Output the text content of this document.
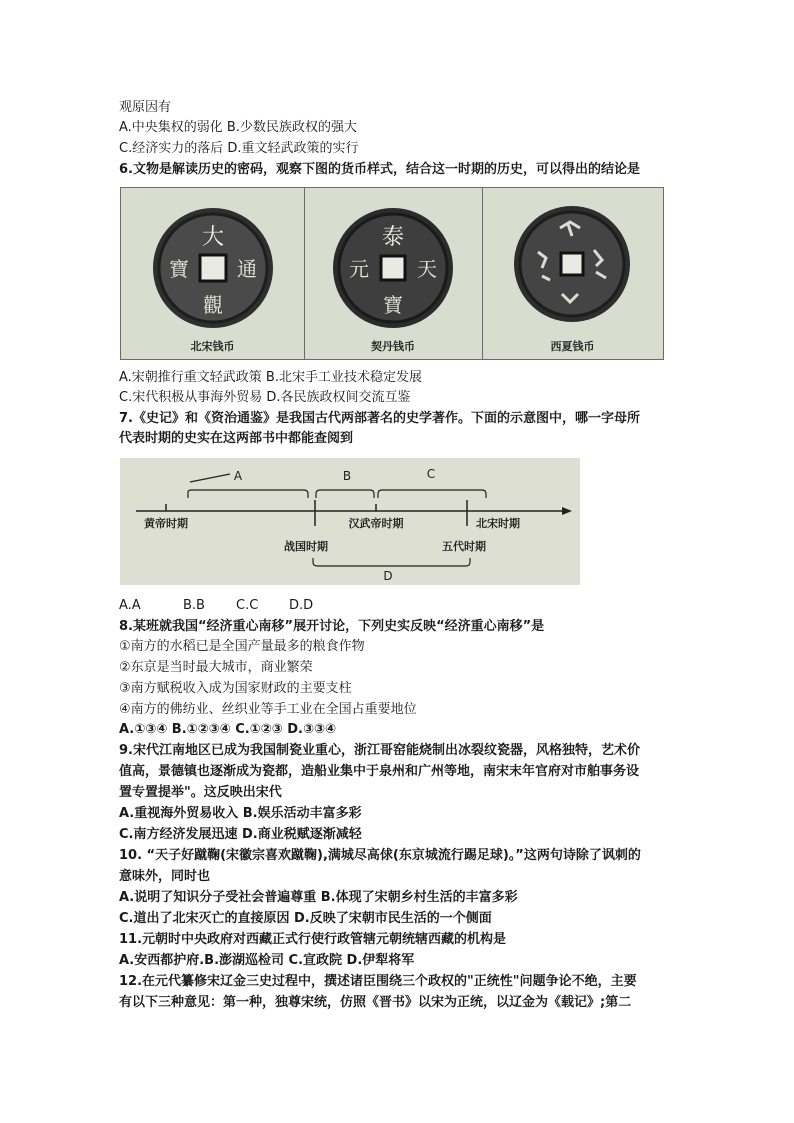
观原因有
A.中央集权的弱化 B.少数民族政权的强大
C.经济实力的落后 D.重文轻武政策的实行
6.文物是解读历史的密码，观察下图的货币样式，结合这一时期的历史，可以得出的结论是
大
通
觀
寶
北宋钱币
泰
元
寶
天
契丹钱币	西夏钱币
A.宋朝推行重文轻武政策 B.北宋手工业技术稳定发展
C.宋代积极从事海外贸易 D.各民族政权间交流互鉴
7.《史记》和《资治通鉴》是我国古代两部著名的史学著作。下面的示意图中，哪一字母所
代表时期的史实在这两部书中都能查阅到
A	B	C
D
黄帝时期
战国时期
汉武帝时期
五代时期
北宋时期
A.A	B.B C.C D.D
8.某班就我国“经济重心南移”展开讨论，下列史实反映“经济重心南移”是
①南方的水稻已是全国产量最多的粮食作物
②东京是当时最大城市，商业繁荣
③南方赋税收入成为国家财政的主要支柱
④南方的佛纺业、丝织业等手工业在全国占重要地位
A.①③④ B.①②③④ C.①②③ D.③③④
9.宋代江南地区已成为我国制瓷业重心，浙江哥窑能烧制出冰裂纹瓷器，风格独特，艺术价
值高，景德镇也逐渐成为瓷都，造船业集中于泉州和广州等地，南宋末年官府对市舶事务设
置专置提举"。这反映出宋代
A.重视海外贸易收入 B.娱乐活动丰富多彩
C.南方经济发展迅速 D.商业税赋逐渐减轻
10. “天子好蹴鞠(宋徽宗喜欢蹴鞠),满城尽高俅(东京城流行踢足球)。”这两句诗除了讽刺的
意味外，同时也
A.说明了知识分子受社会普遍尊重 B.体现了宋朝乡村生活的丰富多彩
C.道出了北宋灭亡的直接原因 D.反映了宋朝市民生活的一个侧面
11.元朝时中央政府对西藏正式行使行政管辖元朝统辖西藏的机构是
A.安西都护府.B.澎湖巡检司 C.宣政院 D.伊犁将军
12.在元代纂修宋辽金三史过程中，撰述诸臣围绕三个政权的"正统性"问题争论不绝，主要
有以下三种意见：第一种，独尊宋统，仿照《晋书》以宋为正统，以辽金为《载记》;第二
